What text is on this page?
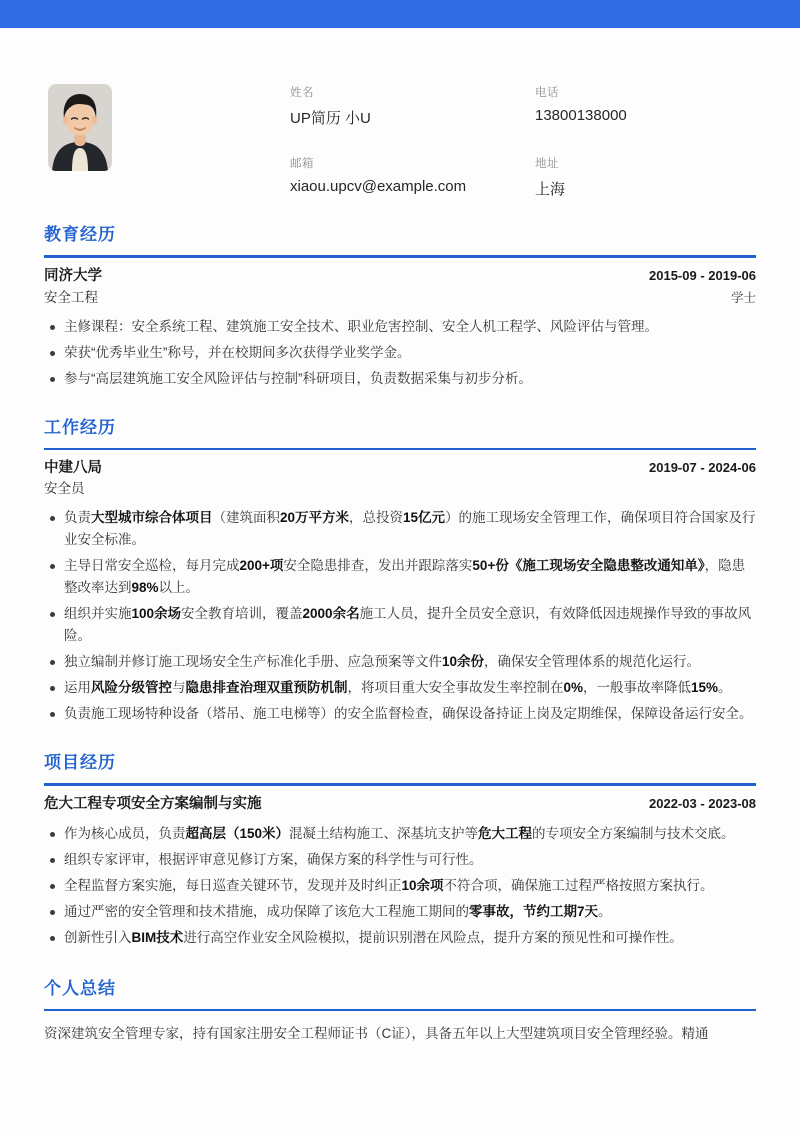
姓名
UP简历 小U
电话
13800138000
邮箱
xiaou.upcv@example.com
地址
上海
教育经历
同济大学	2015-09 - 2019-06
安全工程	学士
主修课程：安全系统工程、建筑施工安全技术、职业危害控制、安全人机工程学、风险评估与管理。
荣获“优秀毕业生”称号，并在校期间多次获得学业奖学金。
参与“高层建筑施工安全风险评估与控制”科研项目，负责数据采集与初步分析。
工作经历
中建八局	2019-07 - 2024-06
安全员
负责大型城市综合体项目（建筑面积20万平方米，总投资15亿元）的施工现场安全管理工作，确保项目符合国家及行业安全标准。
主导日常安全巡检，每月完成200+项安全隐患排查，发出并跟踪落实50+份《施工现场安全隐患整改通知单》，隐患整改率达到98%以上。
组织并实施100余场安全教育培训，覆盖2000余名施工人员，提升全员安全意识，有效降低因违规操作导致的事故风险。
独立编制并修订施工现场安全生产标准化手册、应急预案等文件10余份，确保安全管理体系的规范化运行。
运用风险分级管控与隐患排查治理双重预防机制，将项目重大安全事故发生率控制在0%，一般事故率降低15%。
负责施工现场特种设备（塔吊、施工电梯等）的安全监督检查，确保设备持证上岗及定期维保，保障设备运行安全。
项目经历
危大工程专项安全方案编制与实施	2022-03 - 2023-08
作为核心成员，负责超高层（150米）混凝土结构施工、深基坑支护等危大工程的专项安全方案编制与技术交底。
组织专家评审，根据评审意见修订方案，确保方案的科学性与可行性。
全程监督方案实施，每日巡查关键环节，发现并及时纠正10余项不符合项，确保施工过程严格按照方案执行。
通过严密的安全管理和技术措施，成功保障了该危大工程施工期间的零事故，节约工期7天。
创新性引入BIM技术进行高空作业安全风险模拟，提前识别潜在风险点，提升方案的预见性和可操作性。
个人总结

资深建筑安全管理专家，持有国家注册安全工程师证书（C证），具备五年以上大型建筑项目安全管理经验。精通
